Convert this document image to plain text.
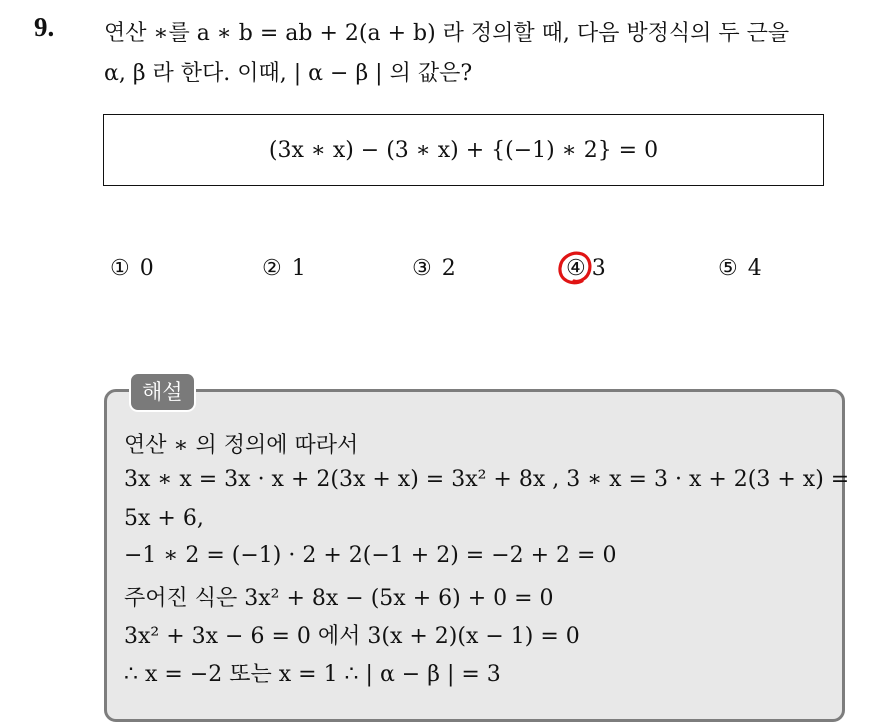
9. 연산 ∗를 a ∗ b = ab + 2(a + b) 라 정의할 때, 다음 방정식의 두 근을
α, β 라 한다. 이때, | α − β | 의 값은?
(3x ∗ x) − (3 ∗ x) + {(−1) ∗ 2} = 0
① 0	② 1	③ 2	④ 3	⑤ 4
해설
연산 ∗ 의 정의에 따라서
3x ∗ x = 3x · x + 2(3x + x) = 3x² + 8x , 3 ∗ x = 3 · x + 2(3 + x) =
5x + 6,
−1 ∗ 2 = (−1) · 2 + 2(−1 + 2) = −2 + 2 = 0
주어진 식은 3x² + 8x − (5x + 6) + 0 = 0
3x² + 3x − 6 = 0 에서 3(x + 2)(x − 1) = 0
∴ x = −2 또는 x = 1 ∴ | α − β | = 3
